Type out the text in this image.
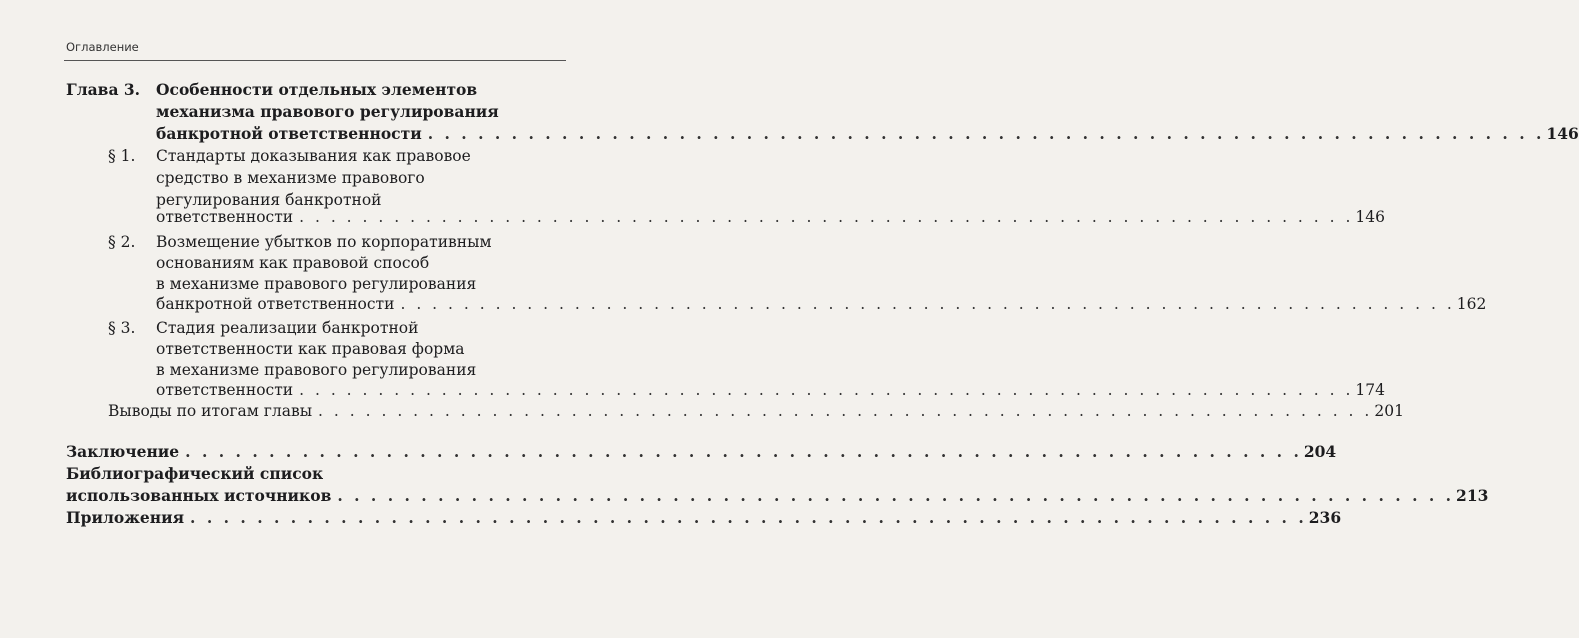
Оглавление
Глава 3. Особенности отдельных элементов
механизма правового регулирования
банкротной ответственности . . . . . . . . . . . . . . . . . . . . . . . . . . . . . . . . . . . . . . . . . . . . . . . . . . . . . . . . . . . . . . . . . . . 146
§ 1. Стандарты доказывания как правовое
средство в механизме правового
регулирования банкротной
ответственности . . . . . . . . . . . . . . . . . . . . . . . . . . . . . . . . . . . . . . . . . . . . . . . . . . . . . . . . . . . . . . . . . . . 146
§ 2. Возмещение убытков по корпоративным
основаниям как правовой способ
в механизме правового регулирования
банкротной ответственности . . . . . . . . . . . . . . . . . . . . . . . . . . . . . . . . . . . . . . . . . . . . . . . . . . . . . . . . . . . . . . . . . . . 162
§ 3. Стадия реализации банкротной
ответственности как правовая форма
в механизме правового регулирования
ответственности . . . . . . . . . . . . . . . . . . . . . . . . . . . . . . . . . . . . . . . . . . . . . . . . . . . . . . . . . . . . . . . . . . . 174
Выводы по итогам главы . . . . . . . . . . . . . . . . . . . . . . . . . . . . . . . . . . . . . . . . . . . . . . . . . . . . . . . . . . . . . . . . . . . 201
Заключение . . . . . . . . . . . . . . . . . . . . . . . . . . . . . . . . . . . . . . . . . . . . . . . . . . . . . . . . . . . . . . . . . . . 204
Библиографический список
использованных источников . . . . . . . . . . . . . . . . . . . . . . . . . . . . . . . . . . . . . . . . . . . . . . . . . . . . . . . . . . . . . . . . . . . 213
Приложения . . . . . . . . . . . . . . . . . . . . . . . . . . . . . . . . . . . . . . . . . . . . . . . . . . . . . . . . . . . . . . . . . . . 236
